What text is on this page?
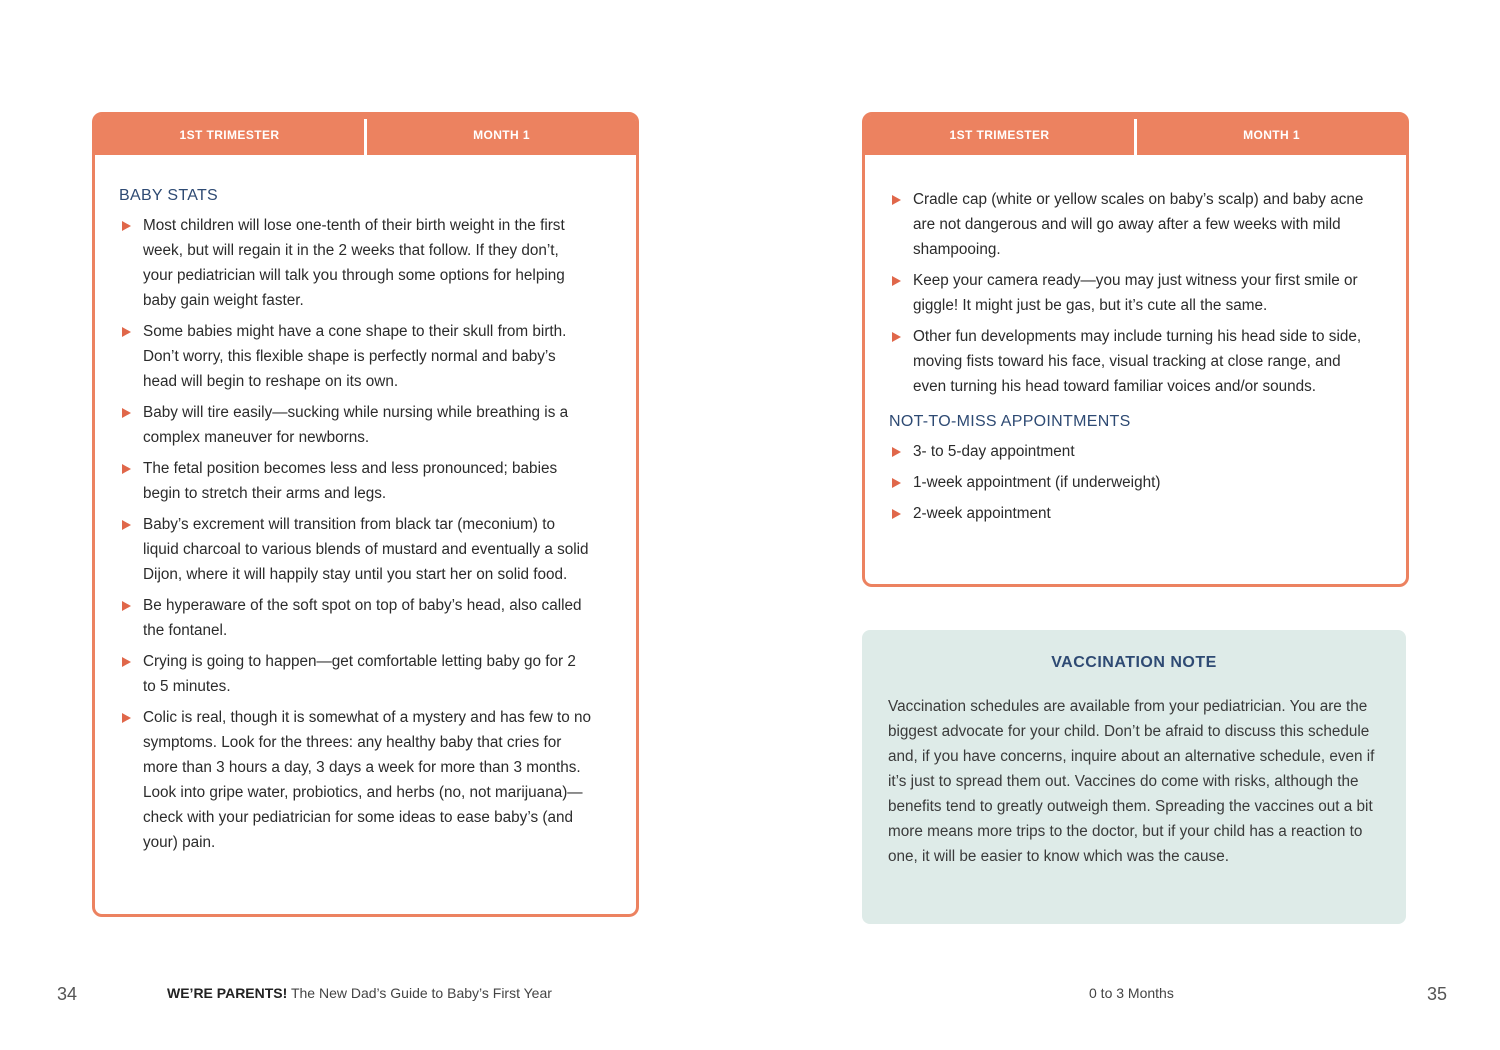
1ST TRIMESTER	MONTH 1
BABY STATS
Most children will lose one-tenth of their birth weight in the first week, but will regain it in the 2 weeks that follow. If they don’t, your pediatrician will talk you through some options for helping baby gain weight faster.
Some babies might have a cone shape to their skull from birth. Don’t worry, this flexible shape is perfectly normal and baby’s head will begin to reshape on its own.
Baby will tire easily—sucking while nursing while breathing is a complex maneuver for newborns.
The fetal position becomes less and less pronounced; babies begin to stretch their arms and legs.
Baby’s excrement will transition from black tar (meconium) to liquid charcoal to various blends of mustard and eventually a solid Dijon, where it will happily stay until you start her on solid food.
Be hyperaware of the soft spot on top of baby’s head, also called the fontanel.
Crying is going to happen—get comfortable letting baby go for 2 to 5 minutes.
Colic is real, though it is somewhat of a mystery and has few to no symptoms. Look for the threes: any healthy baby that cries for more than 3 hours a day, 3 days a week for more than 3 months. Look into gripe water, probiotics, and herbs (no, not marijuana)—check with your pediatrician for some ideas to ease baby’s (and your) pain.
1ST TRIMESTER	MONTH 1
Cradle cap (white or yellow scales on baby’s scalp) and baby acne are not dangerous and will go away after a few weeks with mild shampooing.
Keep your camera ready—you may just witness your first smile or giggle! It might just be gas, but it’s cute all the same.
Other fun developments may include turning his head side to side, moving fists toward his face, visual tracking at close range, and even turning his head toward familiar voices and/or sounds.
NOT-TO-MISS APPOINTMENTS
3- to 5-day appointment
1-week appointment (if underweight)
2-week appointment
VACCINATION NOTE

Vaccination schedules are available from your pediatrician. You are the biggest advocate for your child. Don’t be afraid to discuss this schedule and, if you have concerns, inquire about an alternative schedule, even if it’s just to spread them out. Vaccines do come with risks, although the benefits tend to greatly outweigh them. Spreading the vaccines out a bit more means more trips to the doctor, but if your child has a reaction to one, it will be easier to know which was the cause.

34	WE’RE PARENTS! The New Dad’s Guide to Baby’s First Year	0 to 3 Months	35
